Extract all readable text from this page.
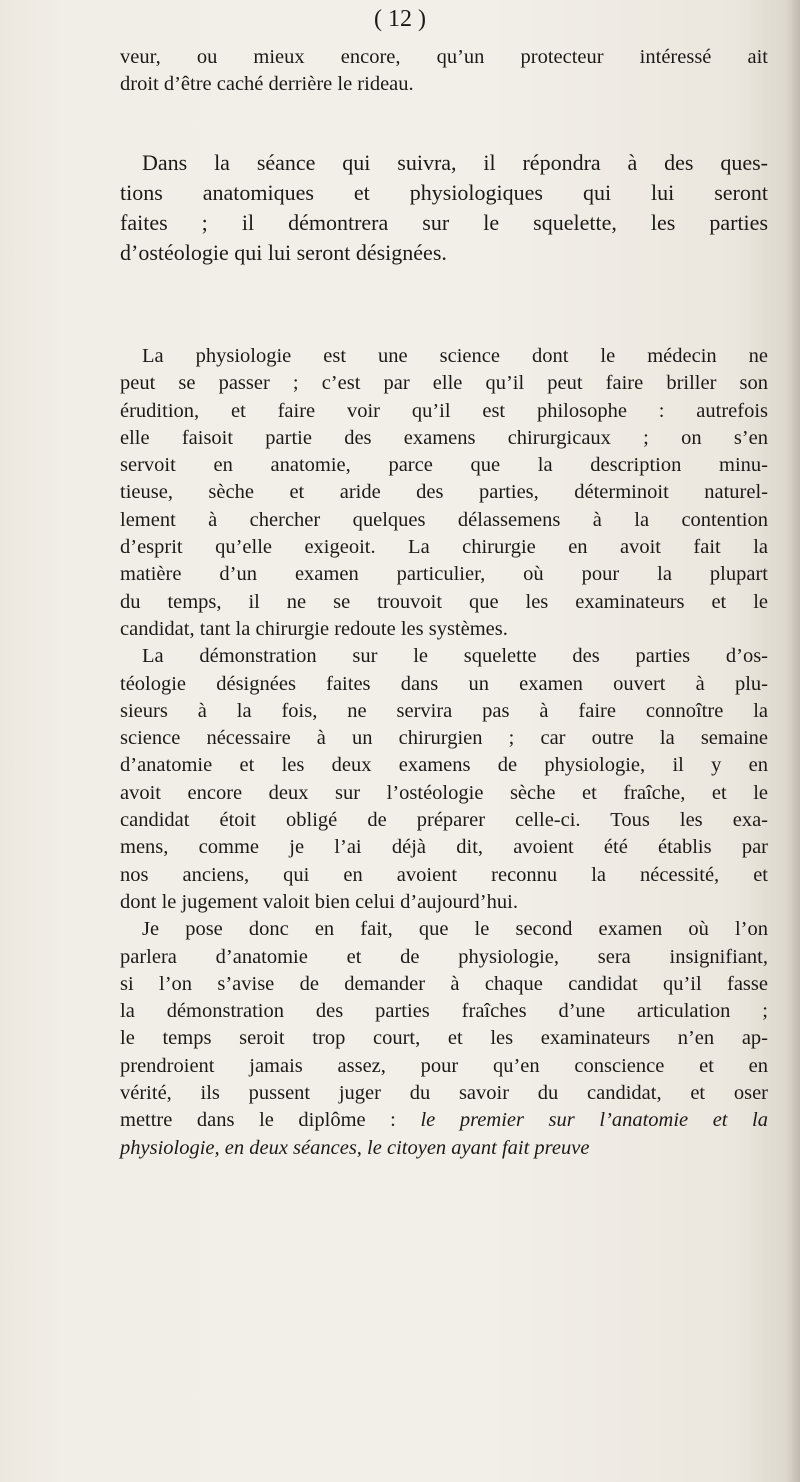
( 12 )
veur, ou mieux encore, qu’un protecteur intéressé ait
droit d’être caché derrière le rideau.
Dans la séance qui suivra, il répondra à des ques-
tions anatomiques et physiologiques qui lui seront
faites ; il démontrera sur le squelette, les parties
d’ostéologie qui lui seront désignées.
La physiologie est une science dont le médecin ne
peut se passer ; c’est par elle qu’il peut faire briller son
érudition, et faire voir qu’il est philosophe : autrefois
elle faisoit partie des examens chirurgicaux ; on s’en
servoit en anatomie, parce que la description minu-
tieuse, sèche et aride des parties, déterminoit naturel-
lement à chercher quelques délassemens à la contention
d’esprit qu’elle exigeoit. La chirurgie en avoit fait la
matière d’un examen particulier, où pour la plupart
du temps, il ne se trouvoit que les examinateurs et le
candidat, tant la chirurgie redoute les systèmes.
La démonstration sur le squelette des parties d’os-
téologie désignées faites dans un examen ouvert à plu-
sieurs à la fois, ne servira pas à faire connoître la
science nécessaire à un chirurgien ; car outre la semaine
d’anatomie et les deux examens de physiologie, il y en
avoit encore deux sur l’ostéologie sèche et fraîche, et le
candidat étoit obligé de préparer celle-ci. Tous les exa-
mens, comme je l’ai déjà dit, avoient été établis par
nos anciens, qui en avoient reconnu la nécessité, et
dont le jugement valoit bien celui d’aujourd’hui.
Je pose donc en fait, que le second examen où l’on
parlera d’anatomie et de physiologie, sera insignifiant,
si l’on s’avise de demander à chaque candidat qu’il fasse
la démonstration des parties fraîches d’une articulation ;
le temps seroit trop court, et les examinateurs n’en ap-
prendroient jamais assez, pour qu’en conscience et en
vérité, ils pussent juger du savoir du candidat, et oser
mettre dans le diplôme : le premier sur l’anatomie et la
physiologie, en deux séances, le citoyen ayant fait preuve
